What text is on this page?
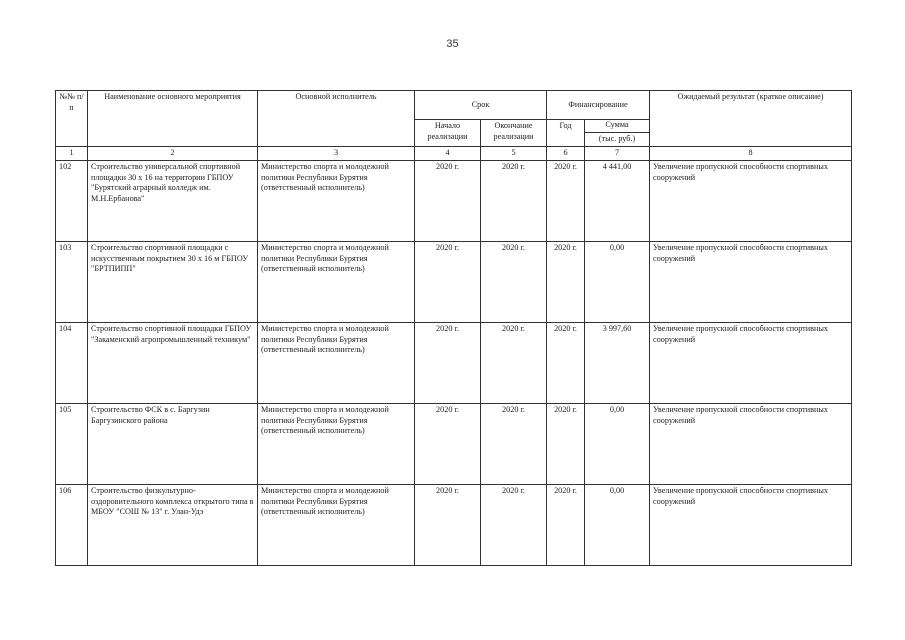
35
№№ п/п	Наименование основного мероприятия	Основной исполнитель	Срок		Финансирование		Ожидаемый результат (краткое описание)
			Начало реализации	Окончание реализации	Год	Сумма	
						(тыс. руб.)	
1	2	3	4	5	6	7	8
102	Строительство универсальной спортивной площадки 30 x 16 на территории ГБПОУ "Бурятский аграрный колледж им. М.Н.Ербанова"	Министерство спорта и молодежной политики Республики Бурятия (ответственный исполнитель)	2020 г.	2020 г.	2020 г.	4 441,00	Увеличение пропускной способности спортивных сооружений
103	Строительство спортивной площадки с искусственным покрытием 30 x 16 м ГБПОУ "БРТПИПП"	Министерство спорта и молодежной политики Республики Бурятия (ответственный исполнитель)	2020 г.	2020 г.	2020 г.	0,00	Увеличение пропускной способности спортивных сооружений
104	Строительство спортивной площадки ГБПОУ "Закаменский агропромышленный техникум"	Министерство спорта и молодежной политики Республики Бурятия (ответственный исполнитель)	2020 г.	2020 г.	2020 г.	3 997,60	Увеличение пропускной способности спортивных сооружений
105	Строительство ФСК в с. Баргузин Баргузинского района	Министерство спорта и молодежной политики Республики Бурятия (ответственный исполнитель)	2020 г.	2020 г.	2020 г.	0,00	Увеличение пропускной способности спортивных сооружений
106	Строительство физкультурно-оздоровительного комплекса открытого типа в МБОУ "СОШ № 13" г. Улан-Удэ	Министерство спорта и молодежной политики Республики Бурятия (ответственный исполнитель)	2020 г.	2020 г.	2020 г.	0,00	Увеличение пропускной способности спортивных сооружений
